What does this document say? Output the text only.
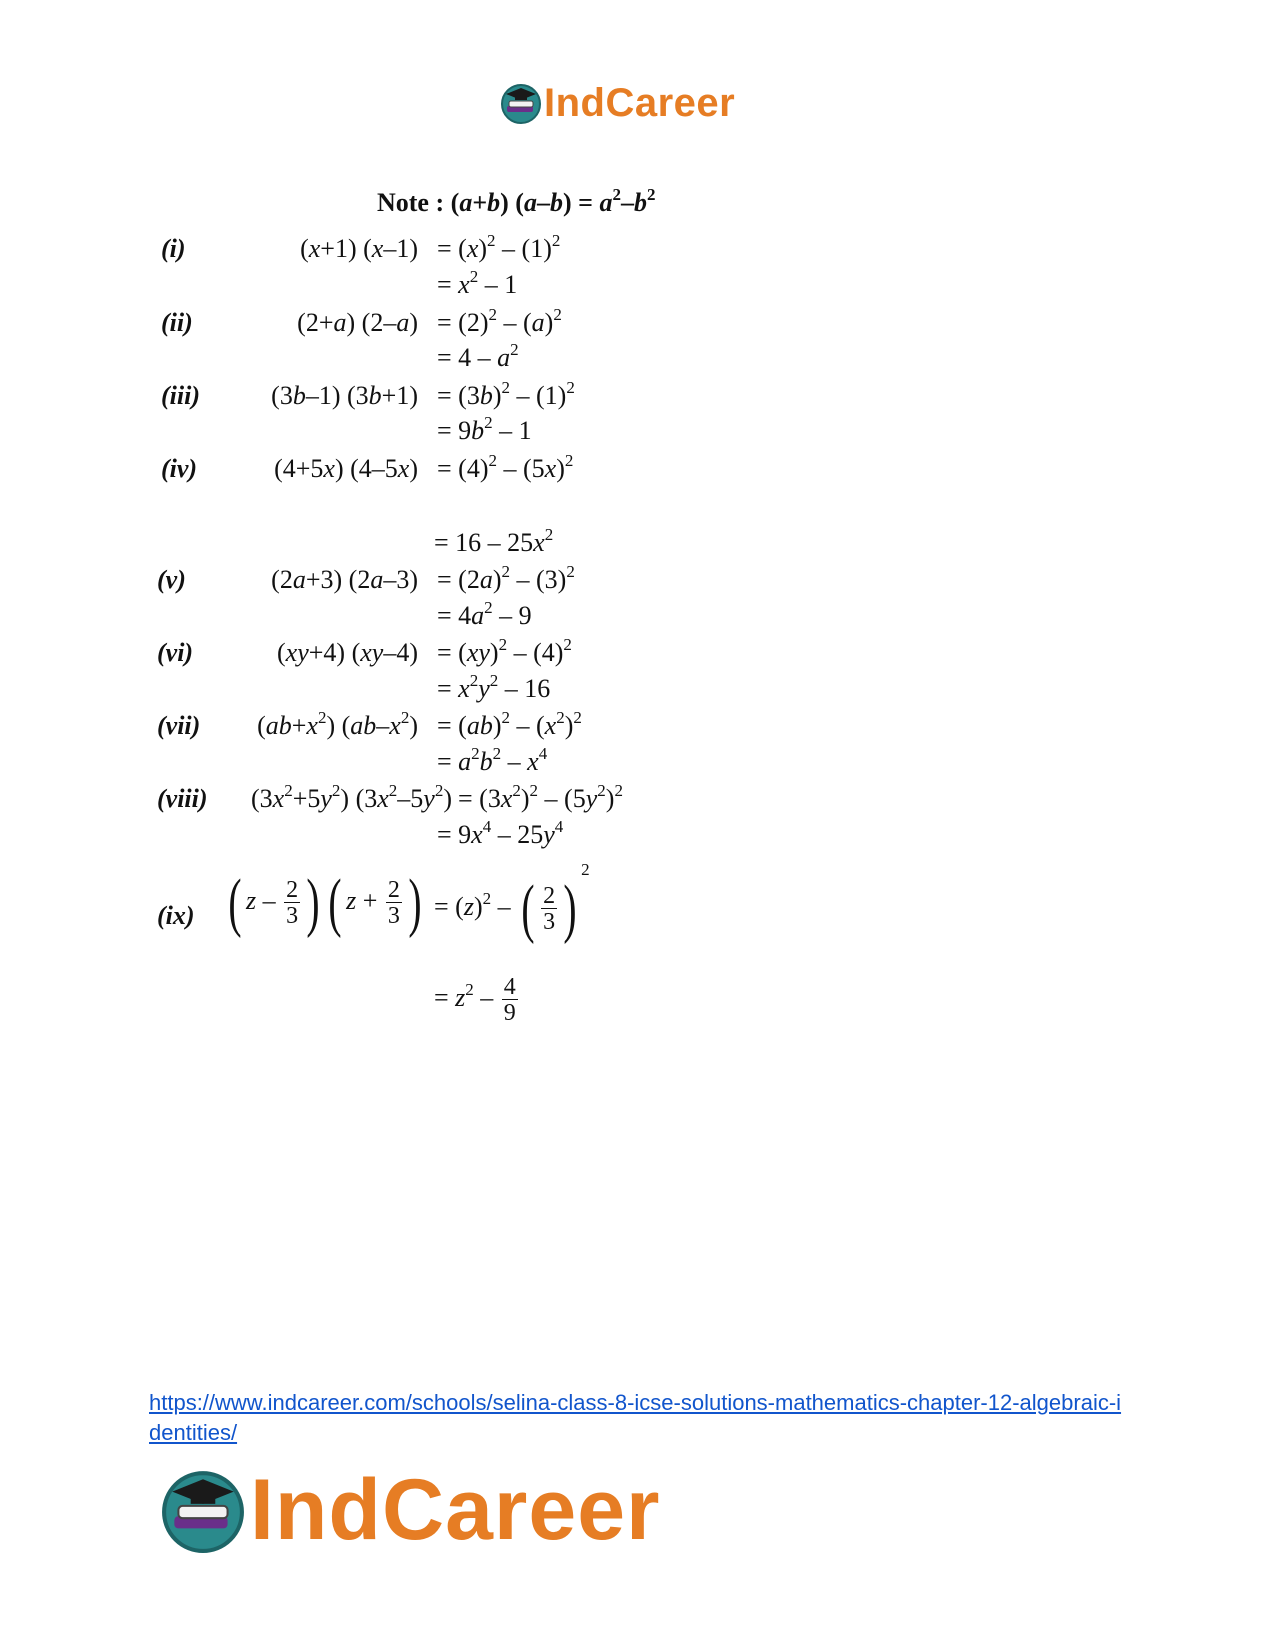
IndCareer
Note : (a+b) $(a-b) = a^2-b^2$
(i)	(x+1) $(x-1) = (x)^2 - (1)^2$
= $x^2 - 1$
(ii)	(2+a) $(2-a) = (2)^2 - (a)^2$
= $4 - a^2$
(iii)	(3b–1) $(3b+1) = (3b)^2 - (1)^2$
= $9b^2 - 1$
(iv)	(4+5x) $(4-5x) = (4)^2 - (5x)^2$
= $16 - 25x^2$
(v)	(2a+3) $(2a-3) = (2a)^2 - (3)^2$
= $4a^2 - 9$
(vi)	(xy+4) $(xy-4) = (xy)^2 - (4)^2$
= $x^2y^2 - 16$
(vii)	$(ab+x^2) (ab-x^2) = (ab)^2 - (x^2)^2$
= $a^2b^2 - x^4$
(viii)	$(3x^2+5y^2) (3x^2-5y^2) = (3x^2)^2 - (5y^2)^2$
= $9x^4 - 25y^4$
(ix) ( z – $\frac{2}{3}$ ) ( $z + \frac{2}{3}$ ) = $(z)^2$ – ( $\frac{2}{3} )^2$
= $z^2 - \frac{4}{9}$
https://www.indcareer.com/schools/selina-class-8-icse-solutions-mathematics-chapter-12-algebraic-identities/
IndCareer
